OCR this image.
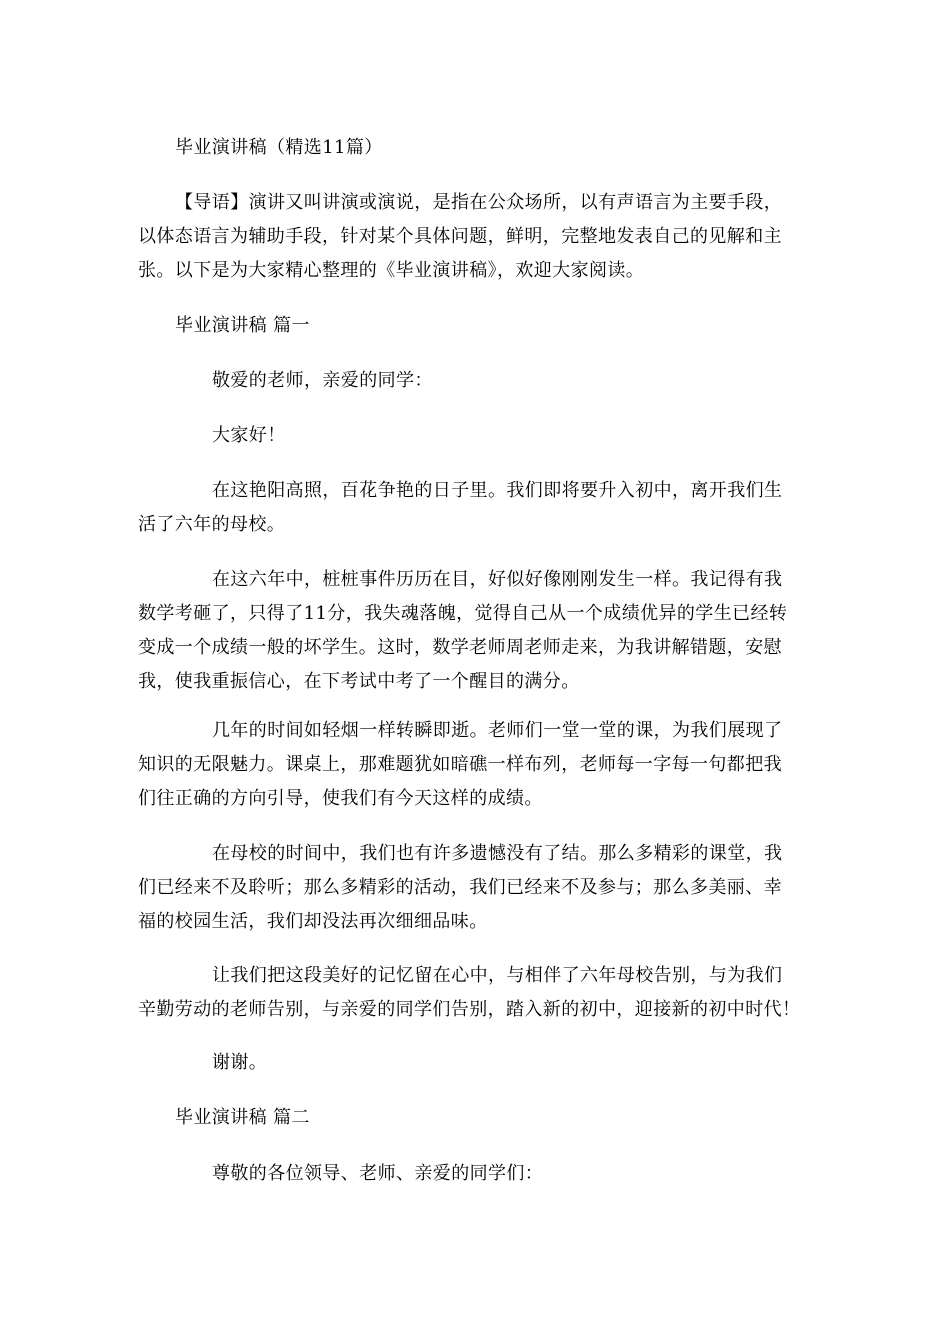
毕业演讲稿（精选11篇）
【导语】演讲又叫讲演或演说，是指在公众场所，以有声语言为主要手段，
以体态语言为辅助手段，针对某个具体问题，鲜明，完整地发表自己的见解和主
张。以下是为大家精心整理的《毕业演讲稿》，欢迎大家阅读。
毕业演讲稿 篇一
敬爱的老师，亲爱的同学：
大家好！
在这艳阳高照，百花争艳的日子里。我们即将要升入初中，离开我们生
活了六年的母校。
在这六年中，桩桩事件历历在目，好似好像刚刚发生一样。我记得有我
数学考砸了，只得了11分，我失魂落魄，觉得自己从一个成绩优异的学生已经转
变成一个成绩一般的坏学生。这时，数学老师周老师走来，为我讲解错题，安慰
我，使我重振信心，在下考试中考了一个醒目的满分。
几年的时间如轻烟一样转瞬即逝。老师们一堂一堂的课，为我们展现了
知识的无限魅力。课桌上，那难题犹如暗礁一样布列，老师每一字每一句都把我
们往正确的方向引导，使我们有今天这样的成绩。
在母校的时间中，我们也有许多遗憾没有了结。那么多精彩的课堂，我
们已经来不及聆听；那么多精彩的活动，我们已经来不及参与；那么多美丽、幸
福的校园生活，我们却没法再次细细品味。
让我们把这段美好的记忆留在心中，与相伴了六年母校告别，与为我们
辛勤劳动的老师告别，与亲爱的同学们告别，踏入新的初中，迎接新的初中时代！
谢谢。
毕业演讲稿 篇二
尊敬的各位领导、老师、亲爱的同学们：
